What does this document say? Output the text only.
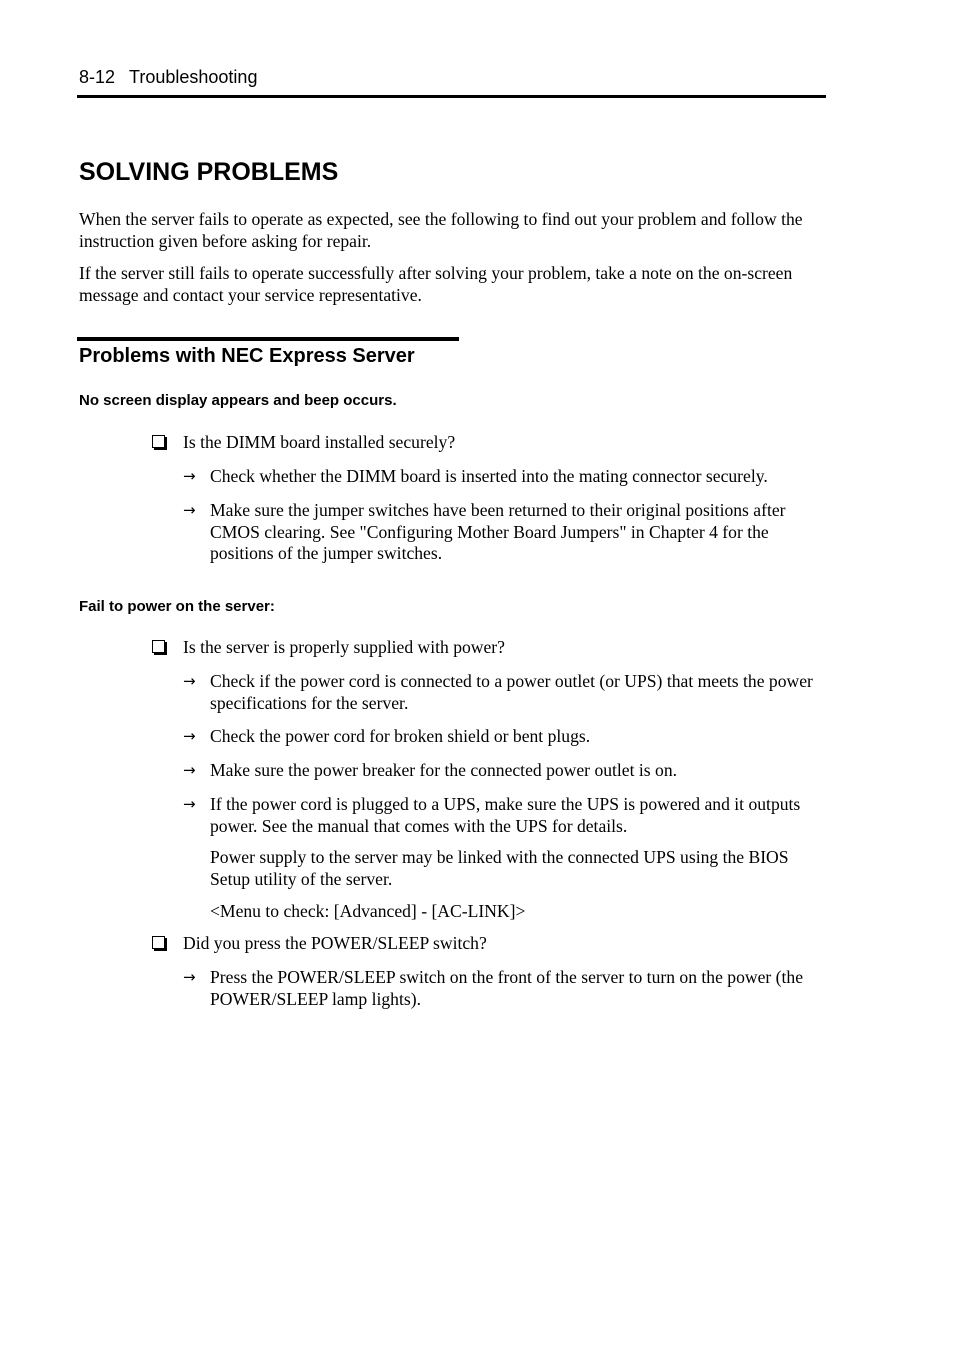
8-12 Troubleshooting
SOLVING PROBLEMS

When the server fails to operate as expected, see the following to find out your problem and follow the instruction given before asking for repair.

If the server still fails to operate successfully after solving your problem, take a note on the on-screen message and contact your service representative.

Problems with NEC Express Server
No screen display appears and beep occurs.
Is the DIMM board installed securely?
→ Check whether the DIMM board is inserted into the mating connector securely.
→ Make sure the jumper switches have been returned to their original positions after CMOS clearing. See "Configuring Mother Board Jumpers" in Chapter 4 for the positions of the jumper switches.
Fail to power on the server:
Is the server is properly supplied with power?
→ Check if the power cord is connected to a power outlet (or UPS) that meets the power specifications for the server.
→ Check the power cord for broken shield or bent plugs.
→ Make sure the power breaker for the connected power outlet is on.
→ If the power cord is plugged to a UPS, make sure the UPS is powered and it outputs power. See the manual that comes with the UPS for details.

Power supply to the server may be linked with the connected UPS using the BIOS Setup utility of the server.

<Menu to check: [Advanced] - [AC-LINK]>

Did you press the POWER/SLEEP switch?
→ Press the POWER/SLEEP switch on the front of the server to turn on the power (the POWER/SLEEP lamp lights).
